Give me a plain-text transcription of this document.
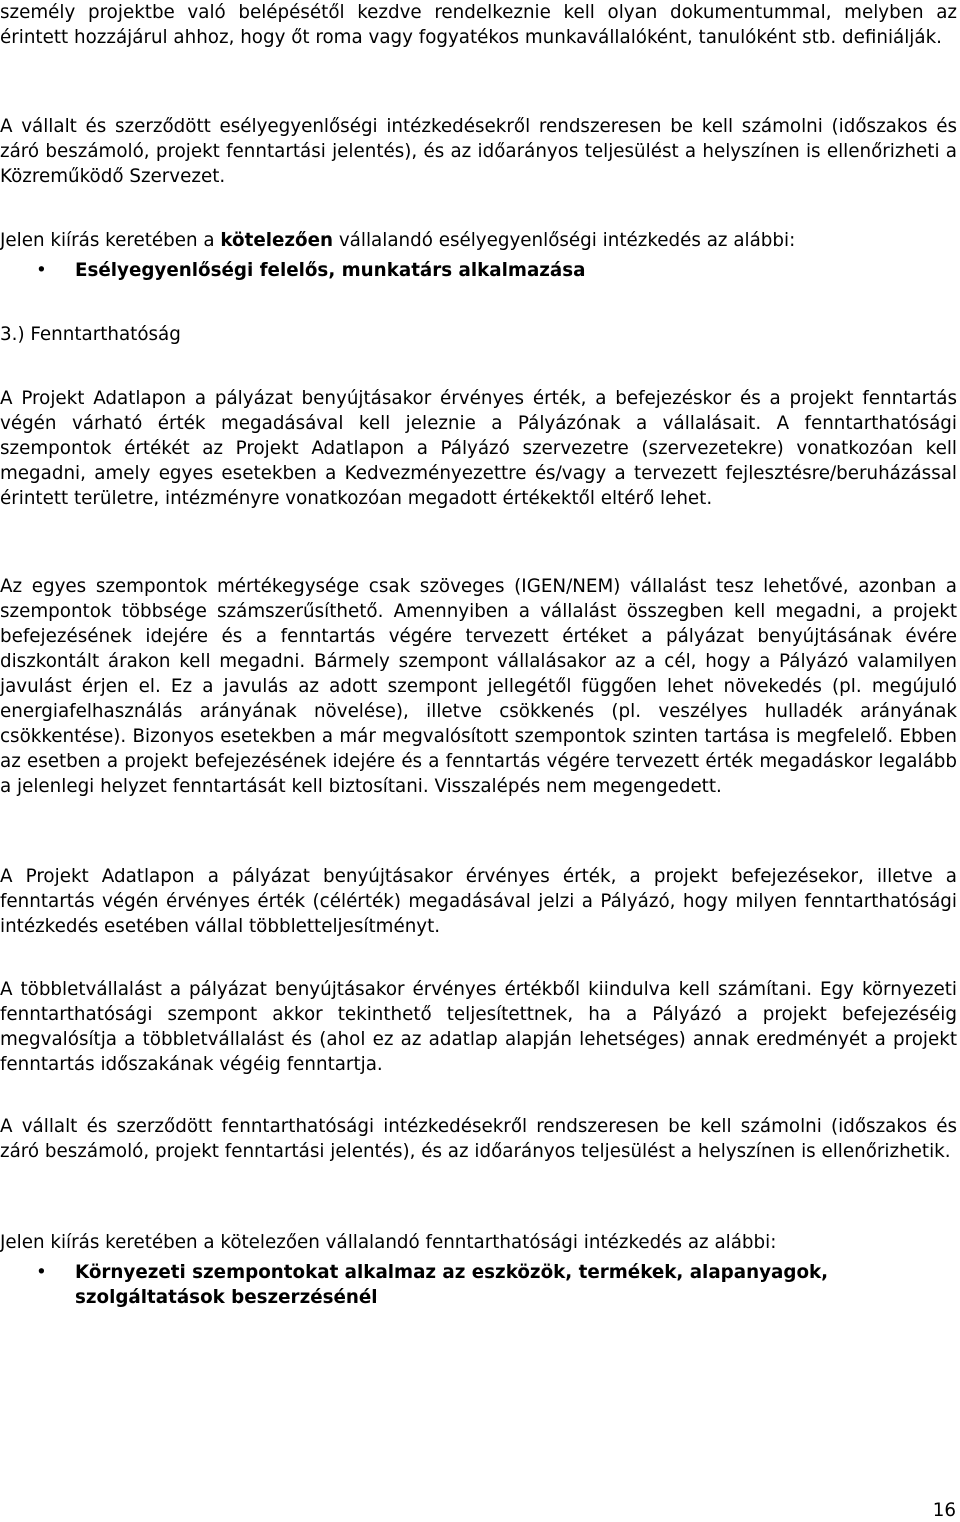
személy projektbe való belépésétől kezdve rendelkeznie kell olyan dokumentummal, melyben az érintett hozzájárul ahhoz, hogy őt roma vagy fogyatékos munkavállalóként, tanulóként stb. definiálják.

A vállalt és szerződött esélyegyenlőségi intézkedésekről rendszeresen be kell számolni (időszakos és záró beszámoló, projekt fenntartási jelentés), és az időarányos teljesülést a helyszínen is ellenőrizheti a Közreműködő Szervezet.

Jelen kiírás keretében a kötelezően vállalandó esélyegyenlőségi intézkedés az alábbi:

• Esélyegyenlőségi felelős, munkatárs alkalmazása

3.) Fenntarthatóság

A Projekt Adatlapon a pályázat benyújtásakor érvényes érték, a befejezéskor és a projekt fenntartás végén várható érték megadásával kell jeleznie a Pályázónak a vállalásait. A fenntarthatósági szempontok értékét az Projekt Adatlapon a Pályázó szervezetre (szervezetekre) vonatkozóan kell megadni, amely egyes esetekben a Kedvezményezettre és/vagy a tervezett fejlesztésre/beruházással érintett területre, intézményre vonatkozóan megadott értékektől eltérő lehet.

Az egyes szempontok mértékegysége csak szöveges (IGEN/NEM) vállalást tesz lehetővé, azonban a szempontok többsége számszerűsíthető. Amennyiben a vállalást összegben kell megadni, a projekt befejezésének idejére és a fenntartás végére tervezett értéket a pályázat benyújtásának évére diszkontált árakon kell megadni. Bármely szempont vállalásakor az a cél, hogy a Pályázó valamilyen javulást érjen el. Ez a javulás az adott szempont jellegétől függően lehet növekedés (pl. megújuló energiafelhasználás arányának növelése), illetve csökkenés (pl. veszélyes hulladék arányának csökkentése). Bizonyos esetekben a már megvalósított szempontok szinten tartása is megfelelő. Ebben az esetben a projekt befejezésének idejére és a fenntartás végére tervezett érték megadáskor legalább a jelenlegi helyzet fenntartását kell biztosítani. Visszalépés nem megengedett.

A Projekt Adatlapon a pályázat benyújtásakor érvényes érték, a projekt befejezésekor, illetve a fenntartás végén érvényes érték (célérték) megadásával jelzi a Pályázó, hogy milyen fenntarthatósági intézkedés esetében vállal többletteljesítményt.

A többletvállalást a pályázat benyújtásakor érvényes értékből kiindulva kell számítani. Egy környezeti fenntarthatósági szempont akkor tekinthető teljesítettnek, ha a Pályázó a projekt befejezéséig megvalósítja a többletvállalást és (ahol ez az adatlap alapján lehetséges) annak eredményét a projekt fenntartás időszakának végéig fenntartja.

A vállalt és szerződött fenntarthatósági intézkedésekről rendszeresen be kell számolni (időszakos és záró beszámoló, projekt fenntartási jelentés), és az időarányos teljesülést a helyszínen is ellenőrizhetik.

Jelen kiírás keretében a kötelezően vállalandó fenntarthatósági intézkedés az alábbi:

• Környezeti szempontokat alkalmaz az eszközök, termékek, alapanyagok, szolgáltatások beszerzésénél
16
